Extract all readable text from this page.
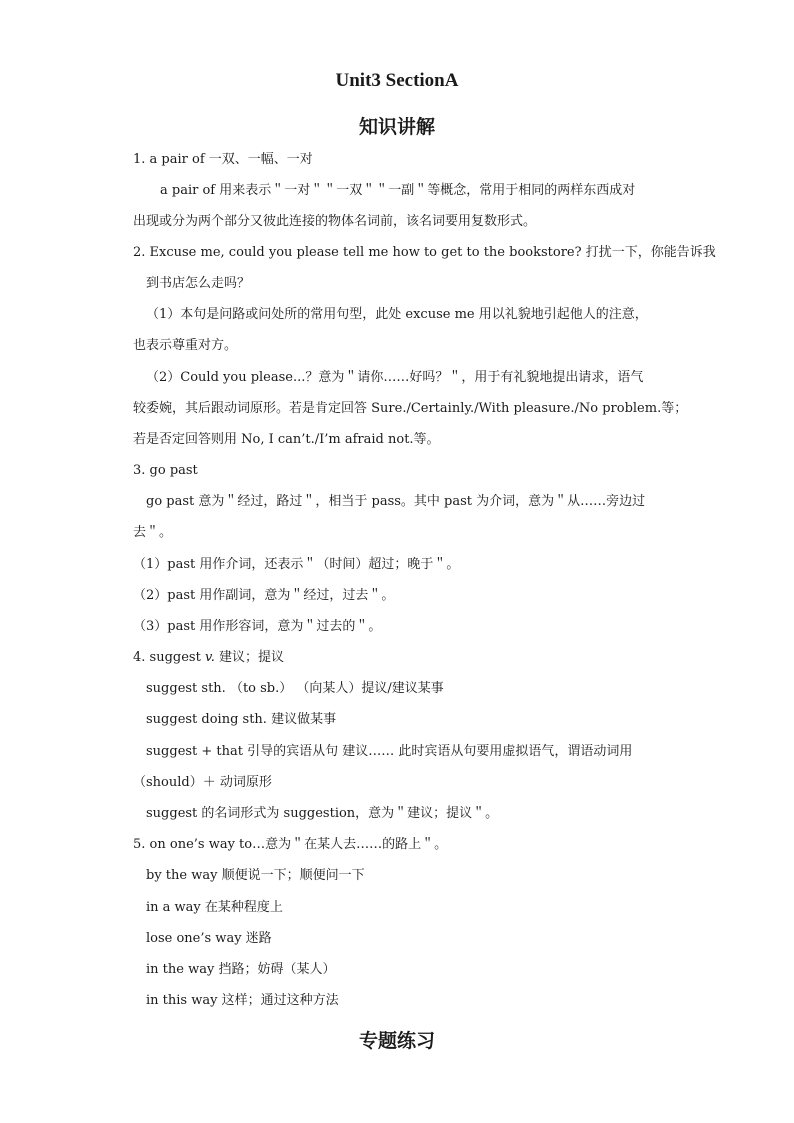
Unit3 SectionA
知识讲解
1. a pair of 一双、一幅、一对
a pair of 用来表示＂一对＂＂一双＂＂一副＂等概念，常用于相同的两样东西成对
出现或分为两个部分又彼此连接的物体名词前，该名词要用复数形式。
2. Excuse me, could you please tell me how to get to the bookstore? 打扰一下，你能告诉我
到书店怎么走吗？
（1）本句是问路或问处所的常用句型，此处 excuse me 用以礼貌地引起他人的注意，
也表示尊重对方。
（2）Could you please...？意为＂请你……好吗？＂，用于有礼貌地提出请求，语气
较委婉，其后跟动词原形。若是肯定回答 Sure./Certainly./With pleasure./No problem.等；
若是否定回答则用 No, I can’t./I’m afraid not.等。
3. go past
go past 意为＂经过，路过＂，相当于 pass。其中 past 为介词，意为＂从……旁边过
去＂。
（1）past 用作介词，还表示＂（时间）超过；晚于＂。
（2）past 用作副词，意为＂经过，过去＂。
（3）past 用作形容词，意为＂过去的＂。
4. suggest v. 建议；提议
suggest sth. （to sb.） （向某人）提议/建议某事
suggest doing sth. 建议做某事
suggest + that 引导的宾语从句 建议…… 此时宾语从句要用虚拟语气，谓语动词用
（should）＋ 动词原形
suggest 的名词形式为 suggestion，意为＂建议；提议＂。
5. on one’s way to…意为＂在某人去……的路上＂。
by the way 顺便说一下；顺便问一下
in a way 在某种程度上
lose one’s way 迷路
in the way 挡路；妨碍（某人）
in this way 这样；通过这种方法
专题练习
